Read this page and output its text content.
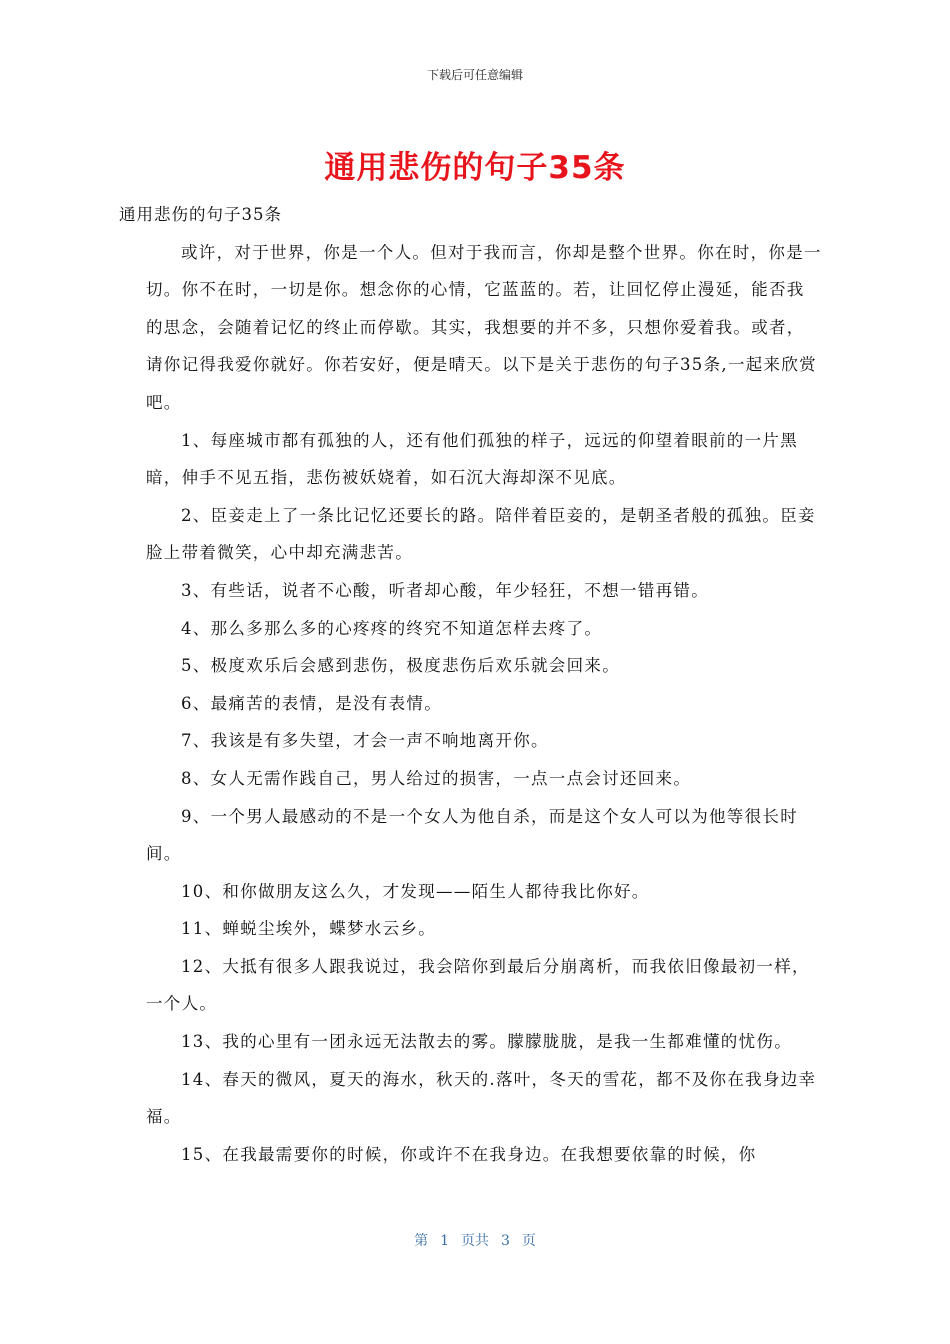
下载后可任意编辑
通用悲伤的句子35条

通用悲伤的句子35条

或许，对于世界，你是一个人。但对于我而言，你却是整个世界。你在时，你是一切。你不在时，一切是你。想念你的心情，它蓝蓝的。若，让回忆停止漫延，能否我的思念，会随着记忆的终止而停歇。其实，我想要的并不多，只想你爱着我。或者，请你记得我爱你就好。你若安好，便是晴天。以下是关于悲伤的句子35条,一起来欣赏吧。

1、每座城市都有孤独的人，还有他们孤独的样子，远远的仰望着眼前的一片黑暗，伸手不见五指，悲伤被妖娆着，如石沉大海却深不见底。

2、臣妾走上了一条比记忆还要长的路。陪伴着臣妾的，是朝圣者般的孤独。臣妾脸上带着微笑，心中却充满悲苦。

3、有些话，说者不心酸，听者却心酸，年少轻狂，不想一错再错。

4、那么多那么多的心疼疼的终究不知道怎样去疼了。

5、极度欢乐后会感到悲伤，极度悲伤后欢乐就会回来。

6、最痛苦的表情，是没有表情。

7、我该是有多失望，才会一声不响地离开你。

8、女人无需作践自己，男人给过的损害，一点一点会讨还回来。

9、一个男人最感动的不是一个女人为他自杀，而是这个女人可以为他等很长时间。

10、和你做朋友这么久，才发现——陌生人都待我比你好。

11、蝉蜕尘埃外，蝶梦水云乡。

12、大抵有很多人跟我说过，我会陪你到最后分崩离析，而我依旧像最初一样，一个人。

13、我的心里有一团永远无法散去的雾。朦朦胧胧，是我一生都难懂的忧伤。

14、春天的微风，夏天的海水，秋天的.落叶，冬天的雪花，都不及你在我身边幸福。

15、在我最需要你的时候，你或许不在我身边。在我想要依靠的时候，你

第 1 页共 3 页
